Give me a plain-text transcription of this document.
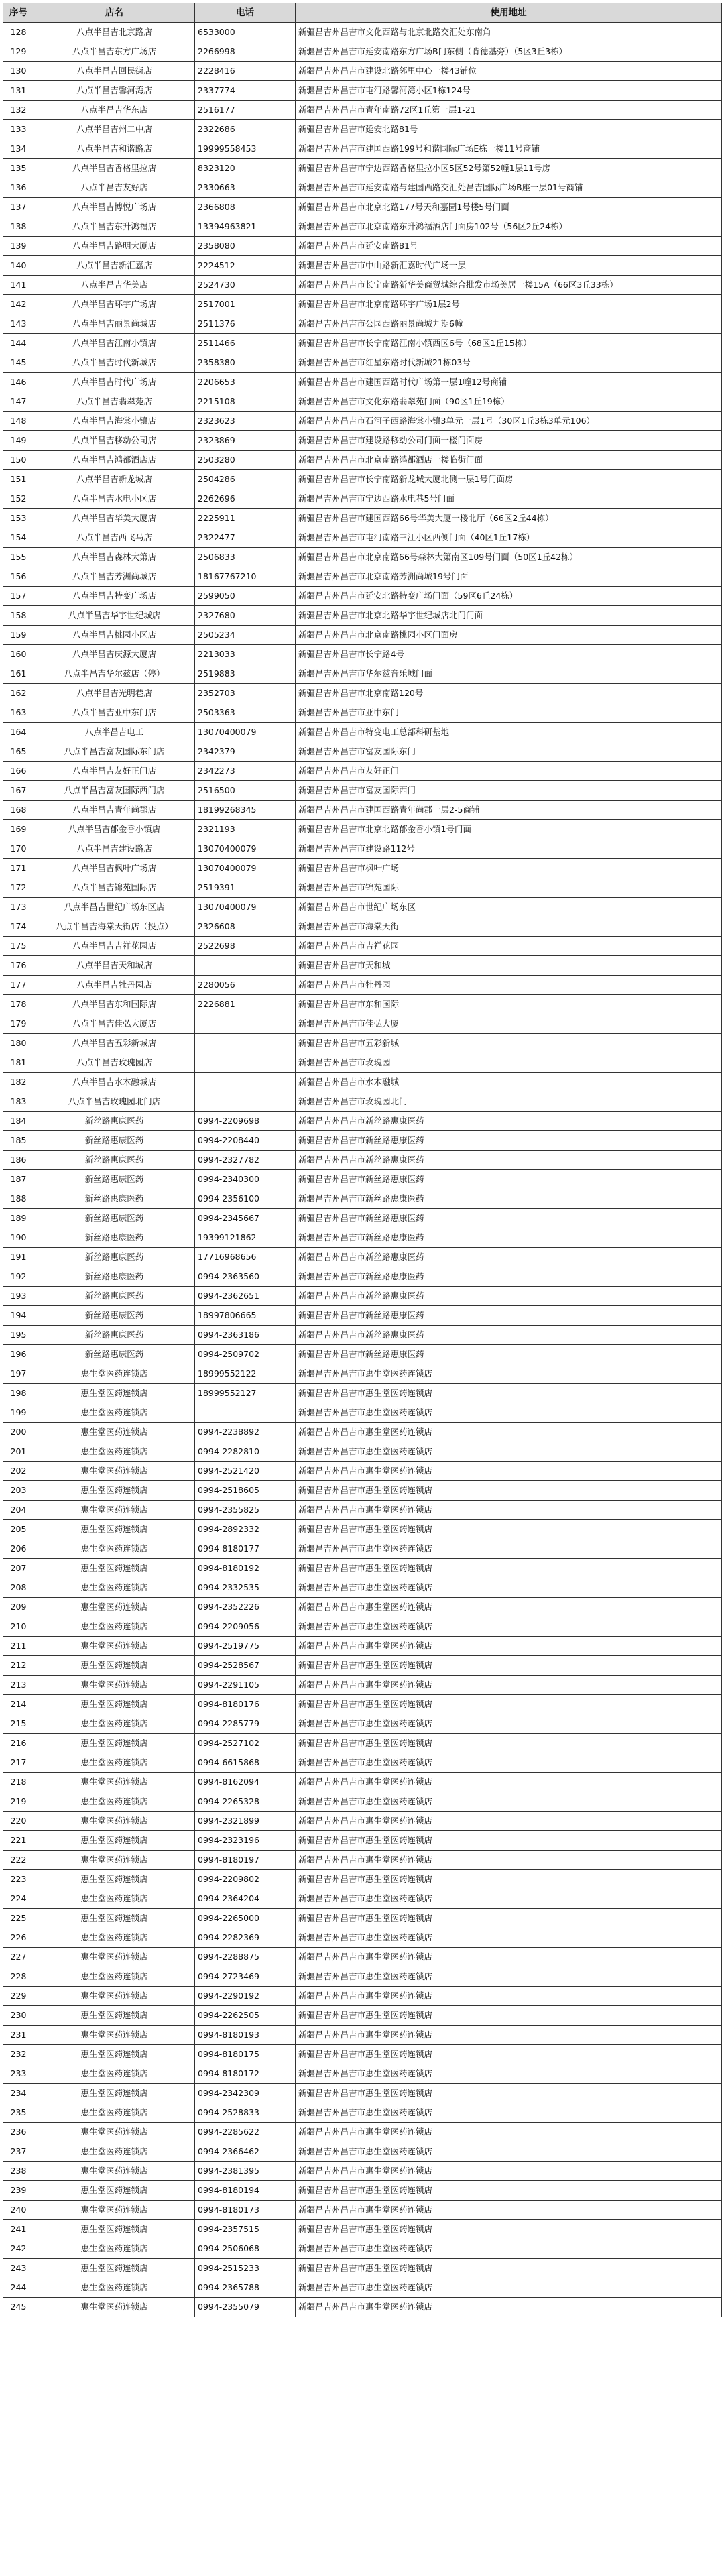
序号	店名	电话	使用地址
128	八点半昌吉北京路店	6533000	新疆昌吉州昌吉市文化西路与北京北路交汇处东南角
129	八点半昌吉东方广场店	2266998	新疆昌吉州昌吉市延安南路东方广场B门东侧（肯德基旁）（5区3丘3栋）
130	八点半昌吉回民街店	2228416	新疆昌吉州昌吉市建设北路邻里中心一楼43铺位
131	八点半昌吉馨河湾店	2337774	新疆昌吉州昌吉市屯河路馨河湾小区1栋124号
132	八点半昌吉华东店	2516177	新疆昌吉州昌吉市青年南路72区1丘第一层1-21
133	八点半昌吉州二中店	2322686	新疆昌吉州昌吉市延安北路81号
134	八点半昌吉和谐路店	19999558453	新疆昌吉州昌吉市建国西路199号和谐国际广场E栋一楼11号商铺
135	八点半昌吉香格里拉店	8323120	新疆昌吉州昌吉市宁边西路香格里拉小区5区52号第52幢1层11号房
136	八点半昌吉友好店	2330663	新疆昌吉州昌吉市延安南路与建国西路交汇处昌吉国际广场B座一层01号商铺
137	八点半昌吉博悦广场店	2366808	新疆昌吉州昌吉市北京北路177号天和嘉园1号楼5号门面
138	八点半昌吉东升鸿福店	13394963821	新疆昌吉州昌吉市北京南路东升鸿福酒店门面房102号（56区2丘24栋）
139	八点半昌吉路明大厦店	2358080	新疆昌吉州昌吉市延安南路81号
140	八点半昌吉新汇嘉店	2224512	新疆昌吉州昌吉市中山路新汇嘉时代广场一层
141	八点半昌吉华美店	2524730	新疆昌吉州昌吉市长宁南路新华美商贸城综合批发市场美居一楼15A（66区3丘33栋）
142	八点半昌吉环宇广场店	2517001	新疆昌吉州昌吉市北京南路环宇广场1层2号
143	八点半昌吉丽景尚城店	2511376	新疆昌吉州昌吉市公园西路丽景尚城九期6幢
144	八点半昌吉江南小镇店	2511466	新疆昌吉州昌吉市长宁南路江南小镇西区6号（68区1丘15栋）
145	八点半昌吉时代新城店	2358380	新疆昌吉州昌吉市红星东路时代新城21栋03号
146	八点半昌吉时代广场店	2206653	新疆昌吉州昌吉市建国西路时代广场第一层1幢12号商铺
147	八点半昌吉翡翠苑店	2215108	新疆昌吉州昌吉市文化东路翡翠苑门面（90区1丘19栋）
148	八点半昌吉海棠小镇店	2323623	新疆昌吉州昌吉市石河子西路海棠小镇3单元一层1号（30区1丘3栋3单元106）
149	八点半昌吉移动公司店	2323869	新疆昌吉州昌吉市建设路移动公司门面一楼门面房
150	八点半昌吉鸿都酒店店	2503280	新疆昌吉州昌吉市北京南路鸿都酒店一楼临街门面
151	八点半昌吉新龙城店	2504286	新疆昌吉州昌吉市长宁南路新龙城大厦北侧一层1号门面房
152	八点半昌吉水电小区店	2262696	新疆昌吉州昌吉市宁边西路水电巷5号门面
153	八点半昌吉华美大厦店	2225911	新疆昌吉州昌吉市建国西路66号华美大厦一楼北厅（66区2丘44栋）
154	八点半昌吉西飞马店	2322477	新疆昌吉州昌吉市屯河南路三江小区西侧门面（40区1丘17栋）
155	八点半昌吉森林大第店	2506833	新疆昌吉州昌吉市北京南路66号森林大第南区109号门面（50区1丘42栋）
156	八点半昌吉芳洲尚城店	18167767210	新疆昌吉州昌吉市北京南路芳洲尚城19号门面
157	八点半昌吉特变广场店	2599050	新疆昌吉州昌吉市延安北路特变广场门面（59区6丘24栋）
158	八点半昌吉华宇世纪城店	2327680	新疆昌吉州昌吉市北京北路华宇世纪城店北门门面
159	八点半昌吉桃园小区店	2505234	新疆昌吉州昌吉市北京南路桃园小区门面房
160	八点半昌吉庆源大厦店	2213033	新疆昌吉州昌吉市长宁路4号
161	八点半昌吉华尔兹店（停）	2519883	新疆昌吉州昌吉市华尔兹音乐城门面
162	八点半昌吉光明巷店	2352703	新疆昌吉州昌吉市北京南路120号
163	八点半昌吉亚中东门店	2503363	新疆昌吉州昌吉市亚中东门
164	八点半昌吉电工	13070400079	新疆昌吉州昌吉市特变电工总部科研基地
165	八点半昌吉富友国际东门店	2342379	新疆昌吉州昌吉市富友国际东门
166	八点半昌吉友好正门店	2342273	新疆昌吉州昌吉市友好正门
167	八点半昌吉富友国际西门店	2516500	新疆昌吉州昌吉市富友国际西门
168	八点半昌吉青年尚郡店	18199268345	新疆昌吉州昌吉市建国西路青年尚郡一层2-5商铺
169	八点半昌吉郁金香小镇店	2321193	新疆昌吉州昌吉市北京北路郁金香小镇1号门面
170	八点半昌吉建设路店	13070400079	新疆昌吉州昌吉市建设路112号
171	八点半昌吉枫叶广场店	13070400079	新疆昌吉州昌吉市枫叶广场
172	八点半昌吉锦苑国际店	2519391	新疆昌吉州昌吉市锦苑国际
173	八点半昌吉世纪广场东区店	13070400079	新疆昌吉州昌吉市世纪广场东区
174	八点半昌吉海棠天街店（投点）	2326608	新疆昌吉州昌吉市海棠天街
175	八点半昌吉吉祥花园店	2522698	新疆昌吉州昌吉市吉祥花园
176	八点半昌吉天和城店		新疆昌吉州昌吉市天和城
177	八点半昌吉牡丹园店	2280056	新疆昌吉州昌吉市牡丹园
178	八点半昌吉东和国际店	2226881	新疆昌吉州昌吉市东和国际
179	八点半昌吉佳弘大厦店		新疆昌吉州昌吉市佳弘大厦
180	八点半昌吉五彩新城店		新疆昌吉州昌吉市五彩新城
181	八点半昌吉玫瑰园店		新疆昌吉州昌吉市玫瑰园
182	八点半昌吉水木融城店		新疆昌吉州昌吉市水木融城
183	八点半昌吉玫瑰园北门店		新疆昌吉州昌吉市玫瑰园北门
184	新丝路惠康医药	0994-2209698	新疆昌吉州昌吉市新丝路惠康医药
185	新丝路惠康医药	0994-2208440	新疆昌吉州昌吉市新丝路惠康医药
186	新丝路惠康医药	0994-2327782	新疆昌吉州昌吉市新丝路惠康医药
187	新丝路惠康医药	0994-2340300	新疆昌吉州昌吉市新丝路惠康医药
188	新丝路惠康医药	0994-2356100	新疆昌吉州昌吉市新丝路惠康医药
189	新丝路惠康医药	0994-2345667	新疆昌吉州昌吉市新丝路惠康医药
190	新丝路惠康医药	19399121862	新疆昌吉州昌吉市新丝路惠康医药
191	新丝路惠康医药	17716968656	新疆昌吉州昌吉市新丝路惠康医药
192	新丝路惠康医药	0994-2363560	新疆昌吉州昌吉市新丝路惠康医药
193	新丝路惠康医药	0994-2362651	新疆昌吉州昌吉市新丝路惠康医药
194	新丝路惠康医药	18997806665	新疆昌吉州昌吉市新丝路惠康医药
195	新丝路惠康医药	0994-2363186	新疆昌吉州昌吉市新丝路惠康医药
196	新丝路惠康医药	0994-2509702	新疆昌吉州昌吉市新丝路惠康医药
197	惠生堂医药连锁店	18999552122	新疆昌吉州昌吉市惠生堂医药连锁店
198	惠生堂医药连锁店	18999552127	新疆昌吉州昌吉市惠生堂医药连锁店
199	惠生堂医药连锁店		新疆昌吉州昌吉市惠生堂医药连锁店
200	惠生堂医药连锁店	0994-2238892	新疆昌吉州昌吉市惠生堂医药连锁店
201	惠生堂医药连锁店	0994-2282810	新疆昌吉州昌吉市惠生堂医药连锁店
202	惠生堂医药连锁店	0994-2521420	新疆昌吉州昌吉市惠生堂医药连锁店
203	惠生堂医药连锁店	0994-2518605	新疆昌吉州昌吉市惠生堂医药连锁店
204	惠生堂医药连锁店	0994-2355825	新疆昌吉州昌吉市惠生堂医药连锁店
205	惠生堂医药连锁店	0994-2892332	新疆昌吉州昌吉市惠生堂医药连锁店
206	惠生堂医药连锁店	0994-8180177	新疆昌吉州昌吉市惠生堂医药连锁店
207	惠生堂医药连锁店	0994-8180192	新疆昌吉州昌吉市惠生堂医药连锁店
208	惠生堂医药连锁店	0994-2332535	新疆昌吉州昌吉市惠生堂医药连锁店
209	惠生堂医药连锁店	0994-2352226	新疆昌吉州昌吉市惠生堂医药连锁店
210	惠生堂医药连锁店	0994-2209056	新疆昌吉州昌吉市惠生堂医药连锁店
211	惠生堂医药连锁店	0994-2519775	新疆昌吉州昌吉市惠生堂医药连锁店
212	惠生堂医药连锁店	0994-2528567	新疆昌吉州昌吉市惠生堂医药连锁店
213	惠生堂医药连锁店	0994-2291105	新疆昌吉州昌吉市惠生堂医药连锁店
214	惠生堂医药连锁店	0994-8180176	新疆昌吉州昌吉市惠生堂医药连锁店
215	惠生堂医药连锁店	0994-2285779	新疆昌吉州昌吉市惠生堂医药连锁店
216	惠生堂医药连锁店	0994-2527102	新疆昌吉州昌吉市惠生堂医药连锁店
217	惠生堂医药连锁店	0994-6615868	新疆昌吉州昌吉市惠生堂医药连锁店
218	惠生堂医药连锁店	0994-8162094	新疆昌吉州昌吉市惠生堂医药连锁店
219	惠生堂医药连锁店	0994-2265328	新疆昌吉州昌吉市惠生堂医药连锁店
220	惠生堂医药连锁店	0994-2321899	新疆昌吉州昌吉市惠生堂医药连锁店
221	惠生堂医药连锁店	0994-2323196	新疆昌吉州昌吉市惠生堂医药连锁店
222	惠生堂医药连锁店	0994-8180197	新疆昌吉州昌吉市惠生堂医药连锁店
223	惠生堂医药连锁店	0994-2209802	新疆昌吉州昌吉市惠生堂医药连锁店
224	惠生堂医药连锁店	0994-2364204	新疆昌吉州昌吉市惠生堂医药连锁店
225	惠生堂医药连锁店	0994-2265000	新疆昌吉州昌吉市惠生堂医药连锁店
226	惠生堂医药连锁店	0994-2282369	新疆昌吉州昌吉市惠生堂医药连锁店
227	惠生堂医药连锁店	0994-2288875	新疆昌吉州昌吉市惠生堂医药连锁店
228	惠生堂医药连锁店	0994-2723469	新疆昌吉州昌吉市惠生堂医药连锁店
229	惠生堂医药连锁店	0994-2290192	新疆昌吉州昌吉市惠生堂医药连锁店
230	惠生堂医药连锁店	0994-2262505	新疆昌吉州昌吉市惠生堂医药连锁店
231	惠生堂医药连锁店	0994-8180193	新疆昌吉州昌吉市惠生堂医药连锁店
232	惠生堂医药连锁店	0994-8180175	新疆昌吉州昌吉市惠生堂医药连锁店
233	惠生堂医药连锁店	0994-8180172	新疆昌吉州昌吉市惠生堂医药连锁店
234	惠生堂医药连锁店	0994-2342309	新疆昌吉州昌吉市惠生堂医药连锁店
235	惠生堂医药连锁店	0994-2528833	新疆昌吉州昌吉市惠生堂医药连锁店
236	惠生堂医药连锁店	0994-2285622	新疆昌吉州昌吉市惠生堂医药连锁店
237	惠生堂医药连锁店	0994-2366462	新疆昌吉州昌吉市惠生堂医药连锁店
238	惠生堂医药连锁店	0994-2381395	新疆昌吉州昌吉市惠生堂医药连锁店
239	惠生堂医药连锁店	0994-8180194	新疆昌吉州昌吉市惠生堂医药连锁店
240	惠生堂医药连锁店	0994-8180173	新疆昌吉州昌吉市惠生堂医药连锁店
241	惠生堂医药连锁店	0994-2357515	新疆昌吉州昌吉市惠生堂医药连锁店
242	惠生堂医药连锁店	0994-2506068	新疆昌吉州昌吉市惠生堂医药连锁店
243	惠生堂医药连锁店	0994-2515233	新疆昌吉州昌吉市惠生堂医药连锁店
244	惠生堂医药连锁店	0994-2365788	新疆昌吉州昌吉市惠生堂医药连锁店
245	惠生堂医药连锁店	0994-2355079	新疆昌吉州昌吉市惠生堂医药连锁店
